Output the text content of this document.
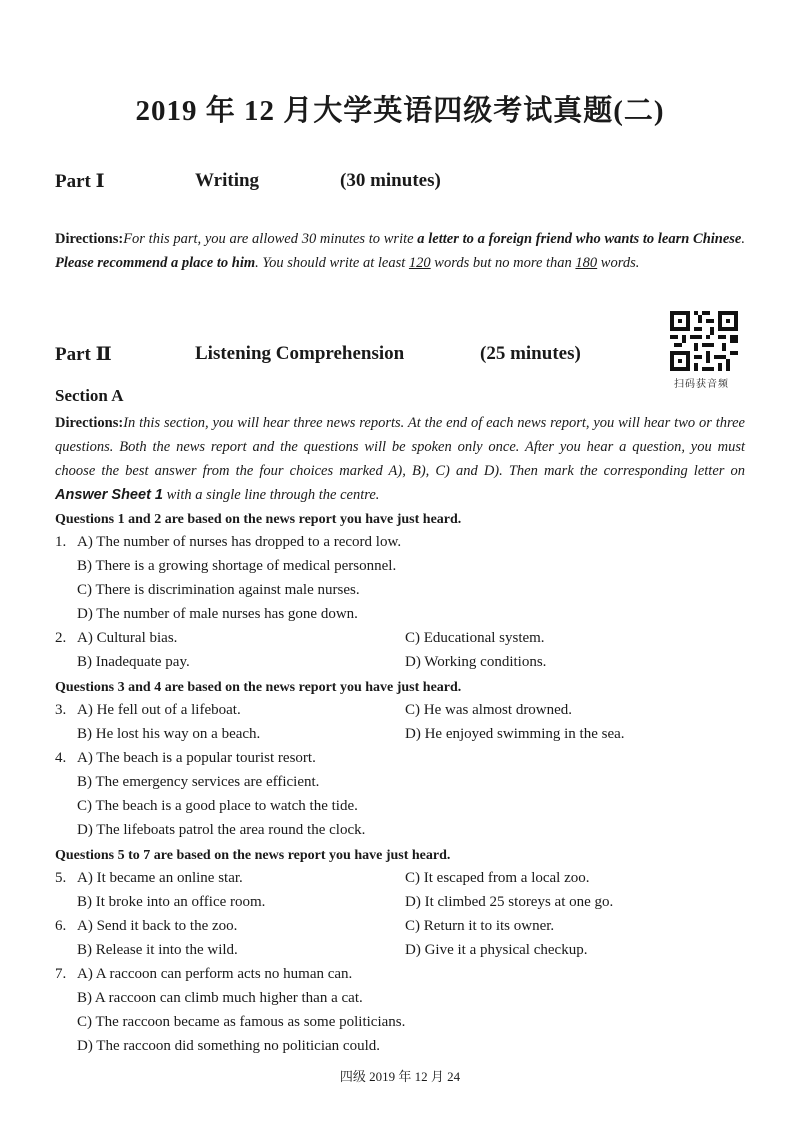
2019 年 12 月大学英语四级考试真题(二)
Part Ⅰ	Writing	(30 minutes)
Directions:For this part, you are allowed 30 minutes to write a letter to a foreign friend who wants to learn Chinese. Please recommend a place to him. You should write at least 120 words but no more than 180 words.
Part Ⅱ	Listening Comprehension	(25 minutes)
扫码获音频
Section A
Directions:In this section, you will hear three news reports. At the end of each news report, you will hear two or three questions. Both the news report and the questions will be spoken only once. After you hear a question, you must choose the best answer from the four choices marked A), B), C) and D). Then mark the corresponding letter on Answer Sheet 1 with a single line through the centre.
Questions 1 and 2 are based on the news report you have just heard.
1. A) The number of nurses has dropped to a record low.
B) There is a growing shortage of medical personnel.
C) There is discrimination against male nurses.
D) The number of male nurses has gone down.
2. A) Cultural bias.	C) Educational system.
B) Inadequate pay.	D) Working conditions.
Questions 3 and 4 are based on the news report you have just heard.
3. A) He fell out of a lifeboat.	C) He was almost drowned.
B) He lost his way on a beach.	D) He enjoyed swimming in the sea.
4. A) The beach is a popular tourist resort.
B) The emergency services are efficient.
C) The beach is a good place to watch the tide.
D) The lifeboats patrol the area round the clock.
Questions 5 to 7 are based on the news report you have just heard.
5. A) It became an online star.	C) It escaped from a local zoo.
B) It broke into an office room.	D) It climbed 25 storeys at one go.
6. A) Send it back to the zoo.	C) Return it to its owner.
B) Release it into the wild.	D) Give it a physical checkup.
7. A) A raccoon can perform acts no human can.
B) A raccoon can climb much higher than a cat.
C) The raccoon became as famous as some politicians.
D) The raccoon did something no politician could.
四级 2019 年 12 月 24
